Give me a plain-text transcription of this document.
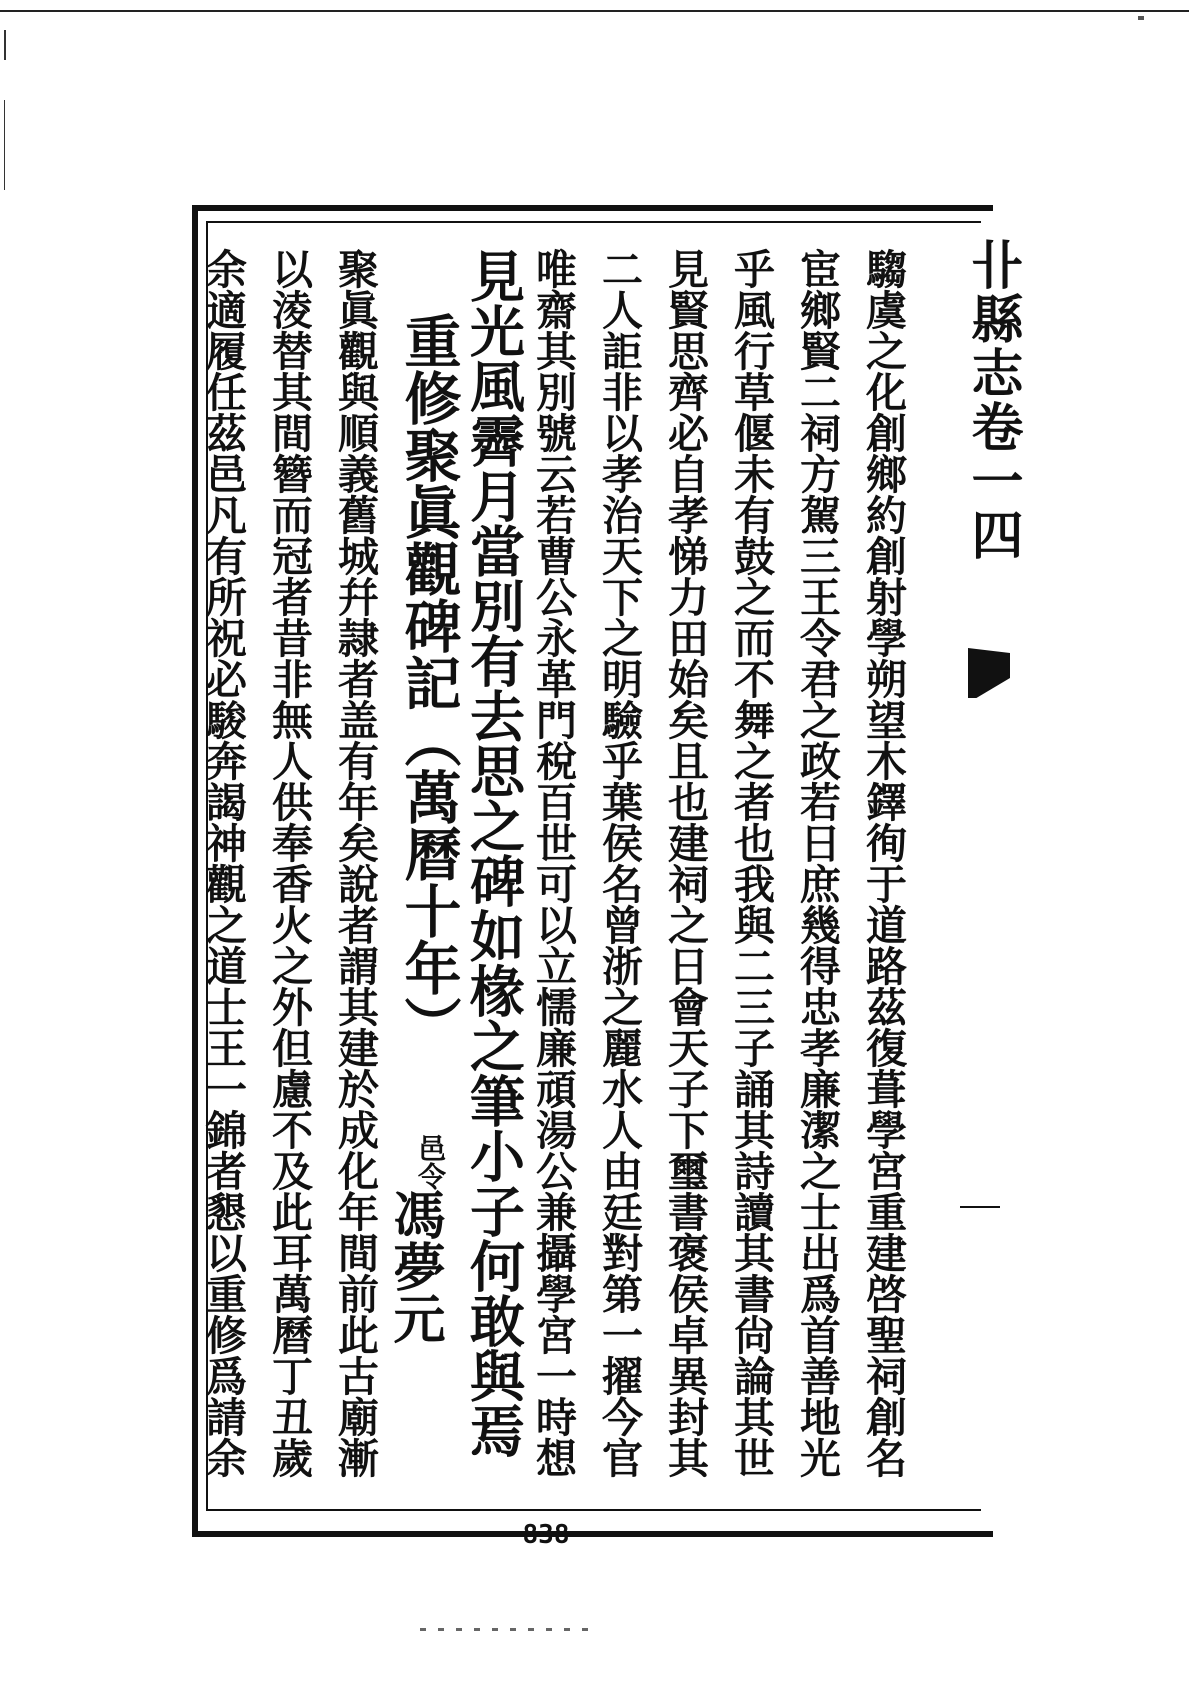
卝縣志卷一四
騶虞之化創鄉約創射學朔望木鐸徇于道路茲復葺學宮重建啓聖祠創名
宦鄉賢二祠方駕三王令君之政若日庶幾得忠孝廉潔之士出爲首善地光
乎風行草偃未有鼓之而不舞之者也我與二三子誦其詩讀其書尙論其世
見賢思齊必自孝悌力田始矣且也建祠之日會天子下璽書褒侯卓異封其
二人詎非以孝治天下之明驗乎葉侯名曾浙之麗水人由廷對第一擢今官
唯齋其別號云若曹公永革門稅百世可以立懦廉頑湯公兼攝學宮一時想
見光風霽月當別有去思之碑如椽之筆小子何敢與焉
重修聚眞觀碑記（萬曆十年）
邑令
馮夢元
聚眞觀與順義舊城幷隷者盖有年矣說者謂其建於成化年間前此古廟漸
以淩替其間簪而冠者昔非無人供奉香火之外但慮不及此耳萬曆丁丑歲
余適履任茲邑凡有所祝必駿奔謁神觀之道士王一錦者懇以重修爲請余
838
